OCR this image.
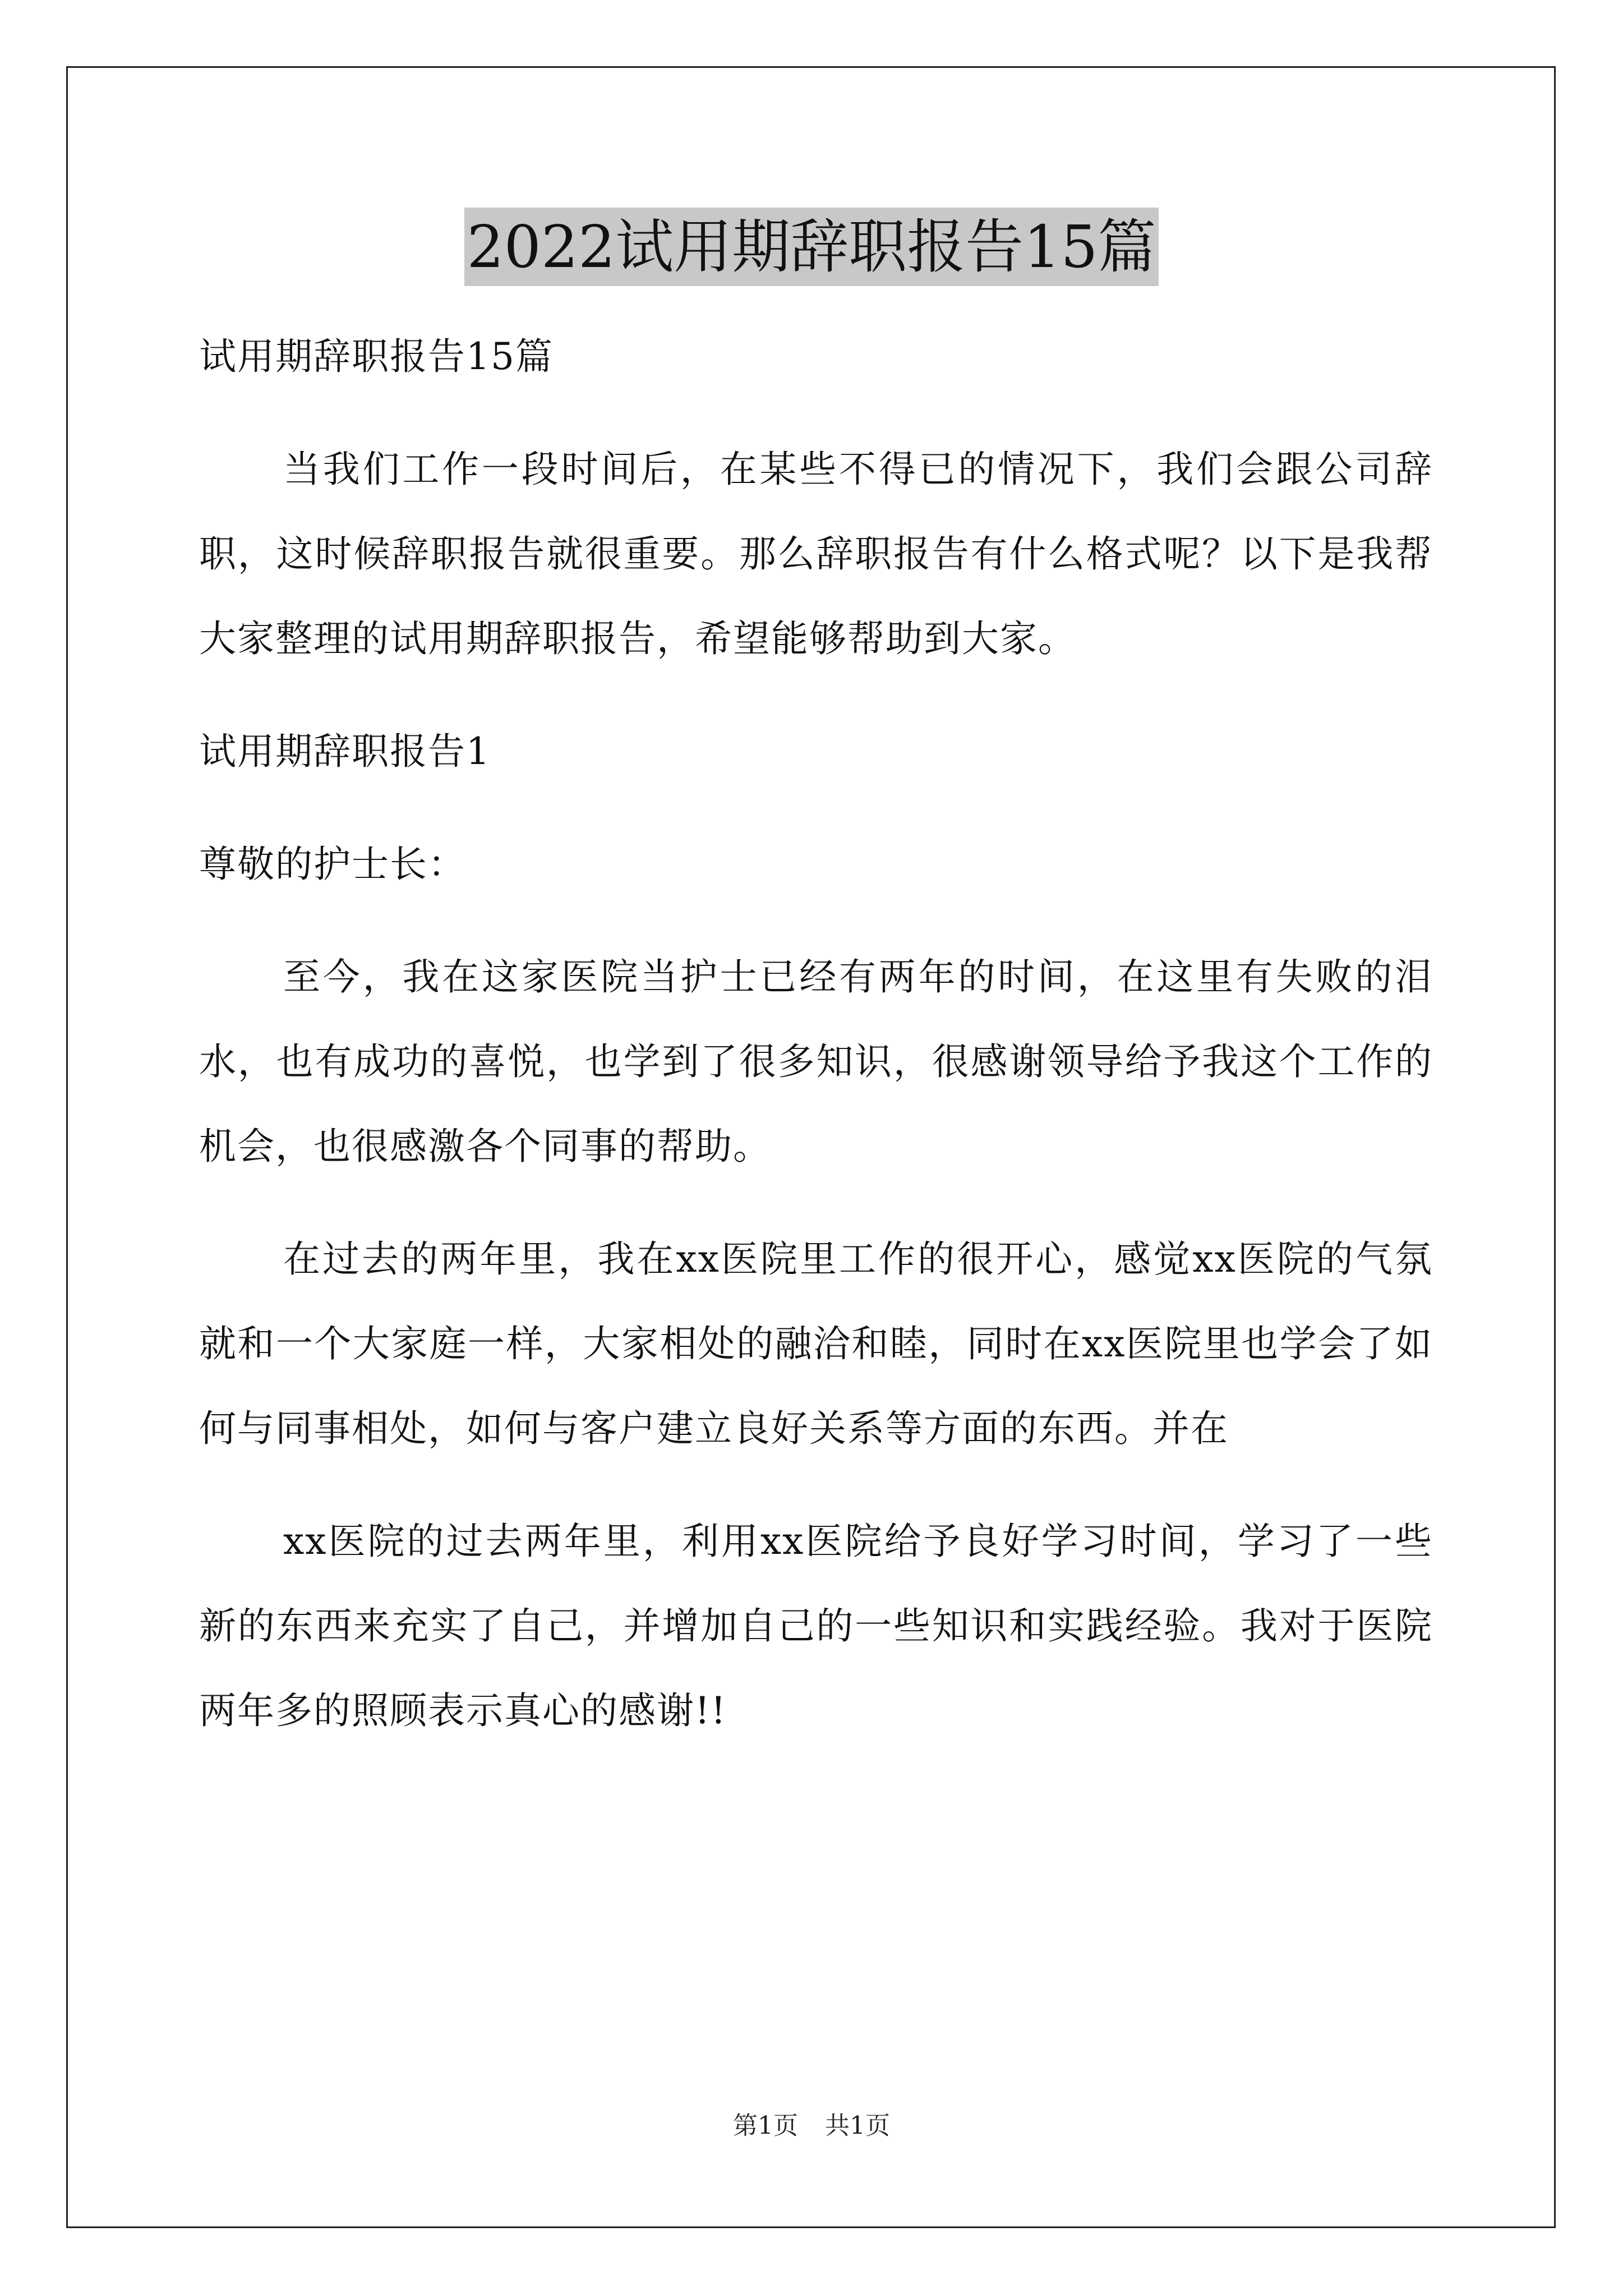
2022试用期辞职报告15篇

试用期辞职报告15篇

当我们工作一段时间后，在某些不得已的情况下，我们会跟公司辞职，这时候辞职报告就很重要。那么辞职报告有什么格式呢？以下是我帮大家整理的试用期辞职报告，希望能够帮助到大家。

试用期辞职报告1

尊敬的护士长：

至今，我在这家医院当护士已经有两年的时间，在这里有失败的泪水，也有成功的喜悦，也学到了很多知识，很感谢领导给予我这个工作的机会，也很感激各个同事的帮助。

在过去的两年里，我在xx医院里工作的很开心，感觉xx医院的气氛就和一个大家庭一样，大家相处的融洽和睦，同时在xx医院里也学会了如何与同事相处，如何与客户建立良好关系等方面的东西。并在

xx医院的过去两年里，利用xx医院给予良好学习时间，学习了一些新的东西来充实了自己，并增加自己的一些知识和实践经验。我对于医院两年多的照顾表示真心的感谢!!

第1页 共1页
